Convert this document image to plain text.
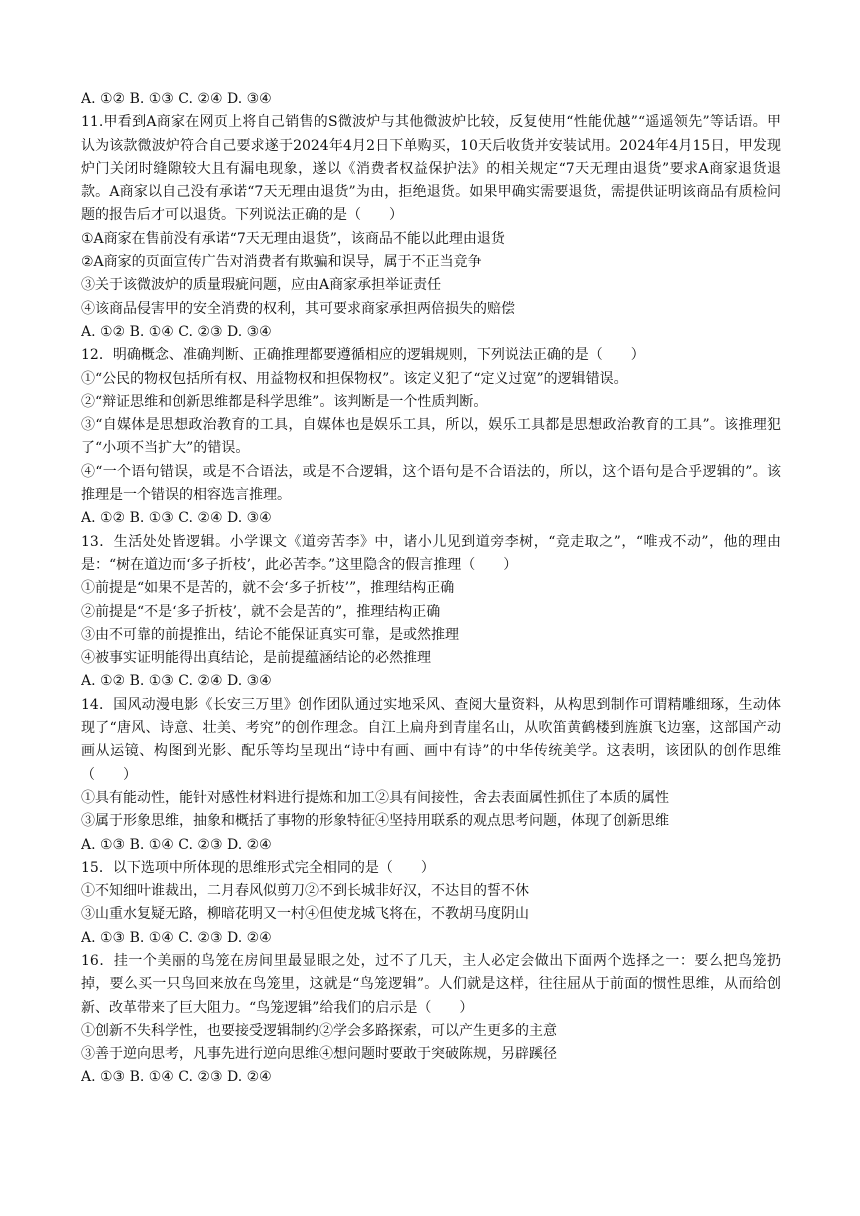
A. ①② B. ①③ C. ②④ D. ③④
11.甲看到A商家在网页上将自己销售的S微波炉与其他微波炉比较，反复使用“性能优越”“遥遥领先”等话语。甲认为该款微波炉符合自己要求遂于2024年4月2日下单购买，10天后收货并安装试用。2024年4月15日，甲发现炉门关闭时缝隙较大且有漏电现象，遂以《消费者权益保护法》的相关规定“7天无理由退货”要求A商家退货退款。A商家以自己没有承诺“7天无理由退货”为由，拒绝退货。如果甲确实需要退货，需提供证明该商品有质检问题的报告后才可以退货。下列说法正确的是（　　）
①A商家在售前没有承诺“7天无理由退货”，该商品不能以此理由退货
②A商家的页面宣传广告对消费者有欺骗和误导，属于不正当竞争
③关于该微波炉的质量瑕疵问题，应由A商家承担举证责任
④该商品侵害甲的安全消费的权利，其可要求商家承担两倍损失的赔偿
A. ①② B. ①④ C. ②③ D. ③④
12．明确概念、准确判断、正确推理都要遵循相应的逻辑规则，下列说法正确的是（　　）
①“公民的物权包括所有权、用益物权和担保物权”。该定义犯了“定义过宽”的逻辑错误。
②“辩证思维和创新思维都是科学思维”。该判断是一个性质判断。
③“自媒体是思想政治教育的工具，自媒体也是娱乐工具，所以，娱乐工具都是思想政治教育的工具”。该推理犯了“小项不当扩大”的错误。
④“一个语句错误，或是不合语法，或是不合逻辑，这个语句是不合语法的，所以，这个语句是合乎逻辑的”。该推理是一个错误的相容选言推理。
A. ①② B. ①③ C. ②④ D. ③④
13．生活处处皆逻辑。小学课文《道旁苦李》中，诸小儿见到道旁李树，“竞走取之”，“唯戎不动”，他的理由是：“树在道边而‘多子折枝’，此必苦李。”这里隐含的假言推理（　　）
①前提是“如果不是苦的，就不会‘多子折枝’”，推理结构正确
②前提是“不是‘多子折枝’，就不会是苦的”，推理结构正确
③由不可靠的前提推出，结论不能保证真实可靠，是或然推理
④被事实证明能得出真结论，是前提蕴涵结论的必然推理
A. ①② B. ①③ C. ②④ D. ③④
14．国风动漫电影《长安三万里》创作团队通过实地采风、查阅大量资料，从构思到制作可谓精雕细琢，生动体现了“唐风、诗意、壮美、考究”的创作理念。自江上扁舟到青崖名山，从吹笛黄鹤楼到旌旗飞边塞，这部国产动画从运镜、构图到光影、配乐等均呈现出“诗中有画、画中有诗”的中华传统美学。这表明，该团队的创作思维（　　）
①具有能动性，能针对感性材料进行提炼和加工②具有间接性，舍去表面属性抓住了本质的属性
③属于形象思维，抽象和概括了事物的形象特征④坚持用联系的观点思考问题，体现了创新思维
A. ①③ B. ①④ C. ②③ D. ②④
15．以下选项中所体现的思维形式完全相同的是（　　）
①不知细叶谁裁出，二月春风似剪刀②不到长城非好汉，不达目的誓不休
③山重水复疑无路，柳暗花明又一村④但使龙城飞将在，不教胡马度阴山
A. ①③ B. ①④ C. ②③ D. ②④
16．挂一个美丽的鸟笼在房间里最显眼之处，过不了几天，主人必定会做出下面两个选择之一：要么把鸟笼扔掉，要么买一只鸟回来放在鸟笼里，这就是“鸟笼逻辑”。人们就是这样，往往屈从于前面的惯性思维，从而给创新、改革带来了巨大阻力。“鸟笼逻辑”给我们的启示是（　　）
①创新不失科学性，也要接受逻辑制约②学会多路探索，可以产生更多的主意
③善于逆向思考，凡事先进行逆向思维④想问题时要敢于突破陈规，另辟蹊径
A. ①③ B. ①④ C. ②③ D. ②④
